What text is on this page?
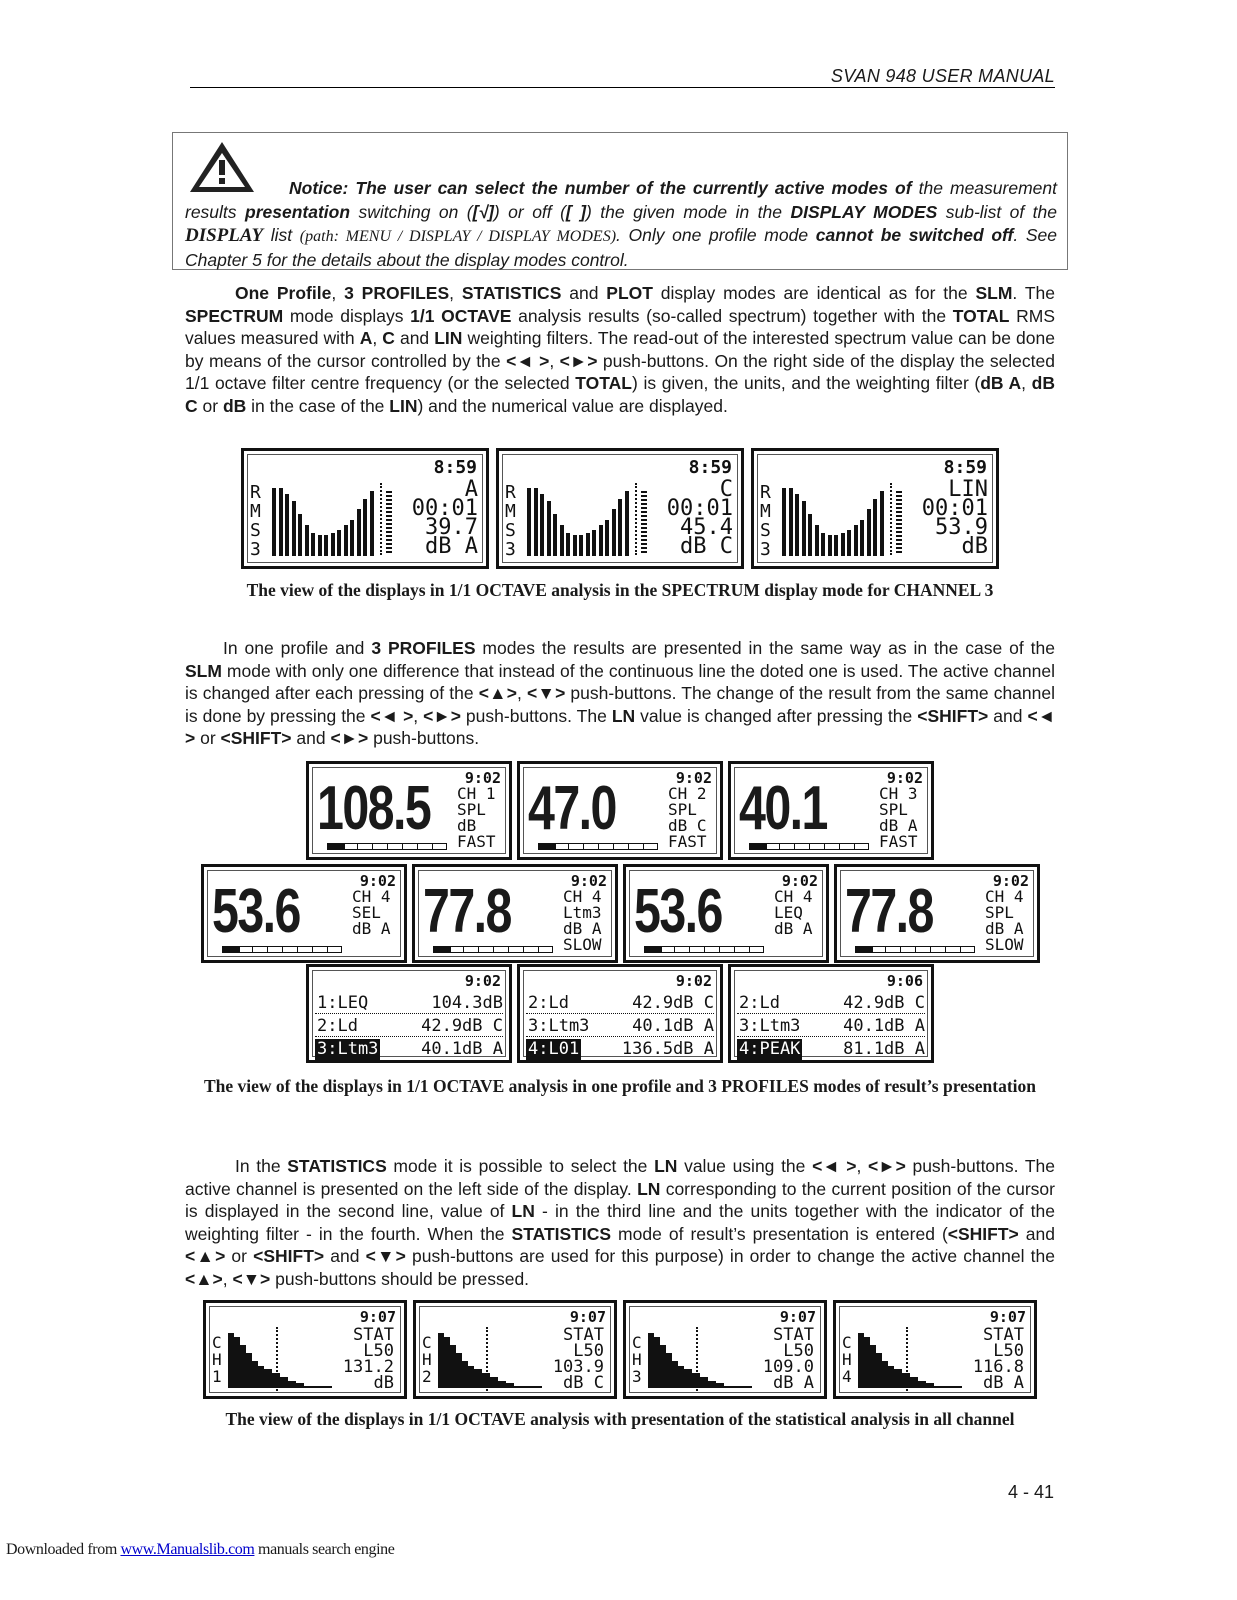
SVAN 948 USER MANUAL
Notice: The user can select the number of the currently active modes of the measurement results presentation switching on ([√]) or off ([ ]) the given mode in the DISPLAY MODES sub-list of the DISPLAY list (path: MENU / DISPLAY / DISPLAY MODES). Only one profile mode cannot be switched off. See Chapter 5 for the details about the display modes control.
One Profile, 3 PROFILES, STATISTICS and PLOT display modes are identical as for the SLM. The SPECTRUM mode displays 1/1 OCTAVE analysis results (so-called spectrum) together with the TOTAL RMS values measured with A, C and LIN weighting filters. The read-out of the interested spectrum value can be done by means of the cursor controlled by the <◄ >, <►> push-buttons. On the right side of the display the selected 1/1 octave filter centre frequency (or the selected TOTAL) is given, the units, and the weighting filter (dB A, dB C or dB in the case of the LIN) and the numerical value are displayed.
8:59
R
M
S
3
A
00:01
39.7
dB A
8:59
R
M
S
3
C
00:01
45.4
dB C
8:59
R
M
S
3
LIN
00:01
53.9
dB
The view of the displays in 1/1 OCTAVE analysis in the SPECTRUM display mode for CHANNEL 3
In one profile and 3 PROFILES modes the results are presented in the same way as in the case of the SLM mode with only one difference that instead of the continuous line the doted one is used. The active channel is changed after each pressing of the <▲>, <▼> push-buttons. The change of the result from the same channel is done by pressing the <◄ >, <►> push-buttons. The LN value is changed after pressing the <SHIFT> and <◄ > or <SHIFT> and <►> push-buttons.
9:02
108.5 CH 1
SPL
dB
FAST
9:02
47.0	CH 2
SPL
dB C
FAST
9:02
40.1	CH 3
SPL
dB A
FAST
9:02
53.6	CH 4
SEL
dB A
9:02
77.8	CH 4
Ltm3
dB A
SLOW
9:02
53.6	CH 4
LEQ
dB A
9:02
77.8	CH 4
SPL
dB A
SLOW
9:02
1:LEQ	104.3dB
2:Ld	42.9dB C
3:Ltm3	40.1dB A
9:02
2:Ld	42.9dB C
3:Ltm3	40.1dB A
4:L01	136.5dB A
9:06
2:Ld	42.9dB C
3:Ltm3	40.1dB A
4:PEAK	81.1dB A
The view of the displays in 1/1 OCTAVE analysis in one profile and 3 PROFILES modes of result’s presentation
In the STATISTICS mode it is possible to select the LN value using the <◄ >, <►> push-buttons. The active channel is presented on the left side of the display. LN corresponding to the current position of the cursor is displayed in the second line, value of LN - in the third line and the units together with the indicator of the weighting filter - in the fourth. When the STATISTICS mode of result’s presentation is entered (<SHIFT> and <▲> or <SHIFT> and <▼> push-buttons are used for this purpose) in order to change the active channel the <▲>, <▼> push-buttons should be pressed.
9:07
C
H
1
STAT
L50
131.2
dB
9:07
C
H
2
STAT
L50
103.9
dB C
9:07
C
H
3
STAT
L50
109.0
dB A
9:07
C
H
4
STAT
L50
116.8
dB A
The view of the displays in 1/1 OCTAVE analysis with presentation of the statistical analysis in all channel
4 - 41
Downloaded from www.Manualslib.com manuals search engine
